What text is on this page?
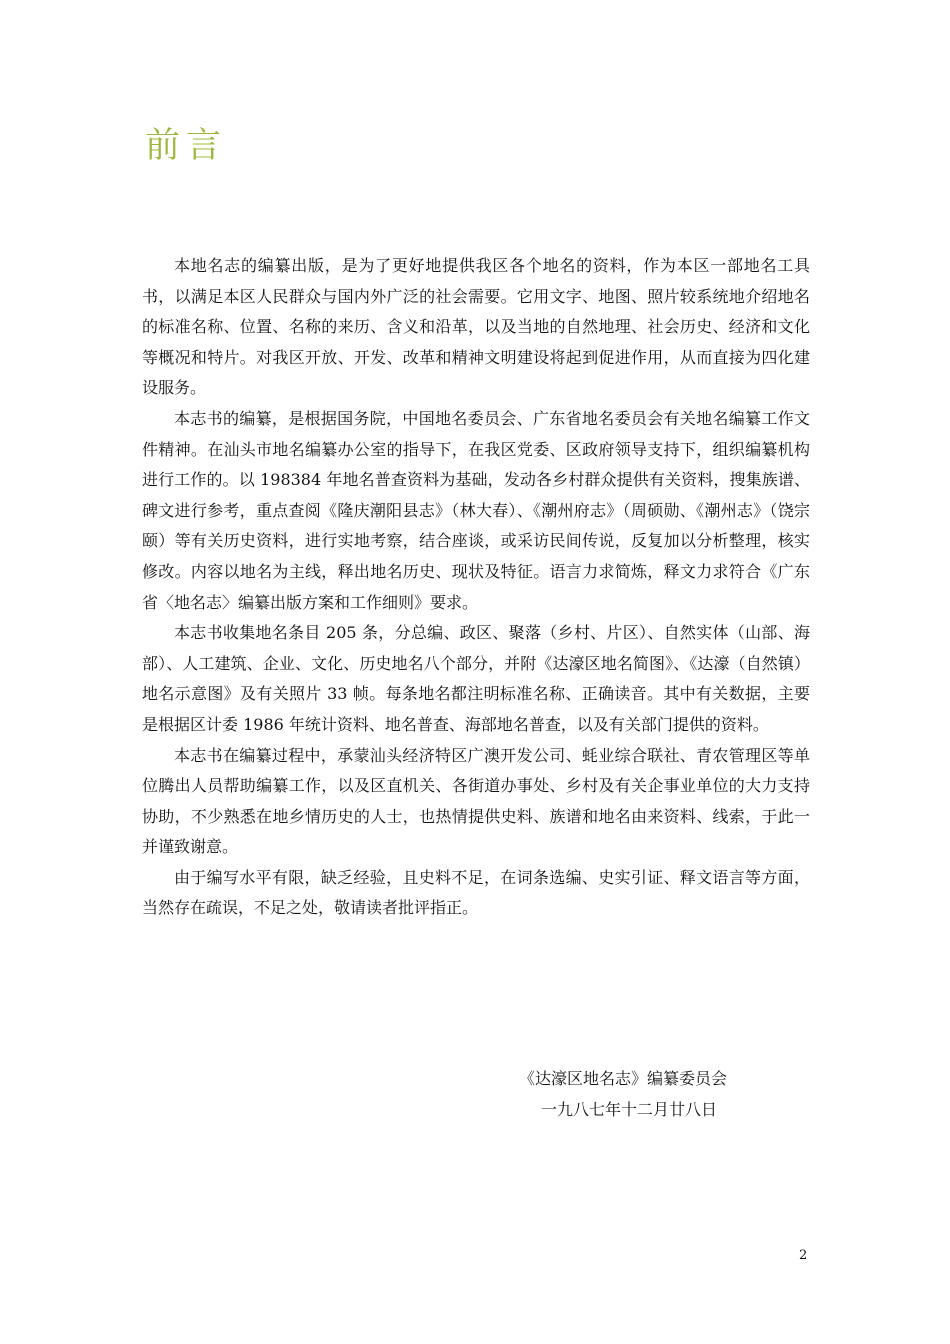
前言

本地名志的编纂出版，是为了更好地提供我区各个地名的资料，作为本区一部地名工具书，以满足本区人民群众与国内外广泛的社会需要。它用文字、地图、照片较系统地介绍地名的标准名称、位置、名称的来历、含义和沿革，以及当地的自然地理、社会历史、经济和文化等概况和特片。对我区开放、开发、改革和精神文明建设将起到促进作用，从而直接为四化建设服务。

本志书的编纂，是根据国务院，中国地名委员会、广东省地名委员会有关地名编纂工作文件精神。在汕头市地名编纂办公室的指导下，在我区党委、区政府领导支持下，组织编纂机构进行工作的。以 198384 年地名普查资料为基础，发动各乡村群众提供有关资料，搜集族谱、碑文进行参考，重点查阅《隆庆潮阳县志》（林大春）、《潮州府志》（周硕勋、《潮州志》（饶宗颐）等有关历史资料，进行实地考察，结合座谈，或采访民间传说，反复加以分析整理，核实修改。内容以地名为主线，释出地名历史、现状及特征。语言力求简炼，释文力求符合《广东省〈地名志〉编纂出版方案和工作细则》要求。

本志书收集地名条目 205 条，分总编、政区、聚落（乡村、片区）、自然实体（山部、海部）、人工建筑、企业、文化、历史地名八个部分，并附《达濠区地名简图》、《达濠（自然镇）地名示意图》及有关照片 33 帧。每条地名都注明标准名称、正确读音。其中有关数据，主要是根据区计委 1986 年统计资料、地名普查、海部地名普查，以及有关部门提供的资料。

本志书在编纂过程中，承蒙汕头经济特区广澳开发公司、蚝业综合联社、青农管理区等单位腾出人员帮助编纂工作，以及区直机关、各街道办事处、乡村及有关企事业单位的大力支持协助，不少熟悉在地乡情历史的人士，也热情提供史料、族谱和地名由来资料、线索，于此一并谨致谢意。

由于编写水平有限，缺乏经验，且史料不足，在词条选编、史实引证、释文语言等方面，当然存在疏误，不足之处，敬请读者批评指正。

《达濠区地名志》编纂委员会
一九八七年十二月廿八日
2
